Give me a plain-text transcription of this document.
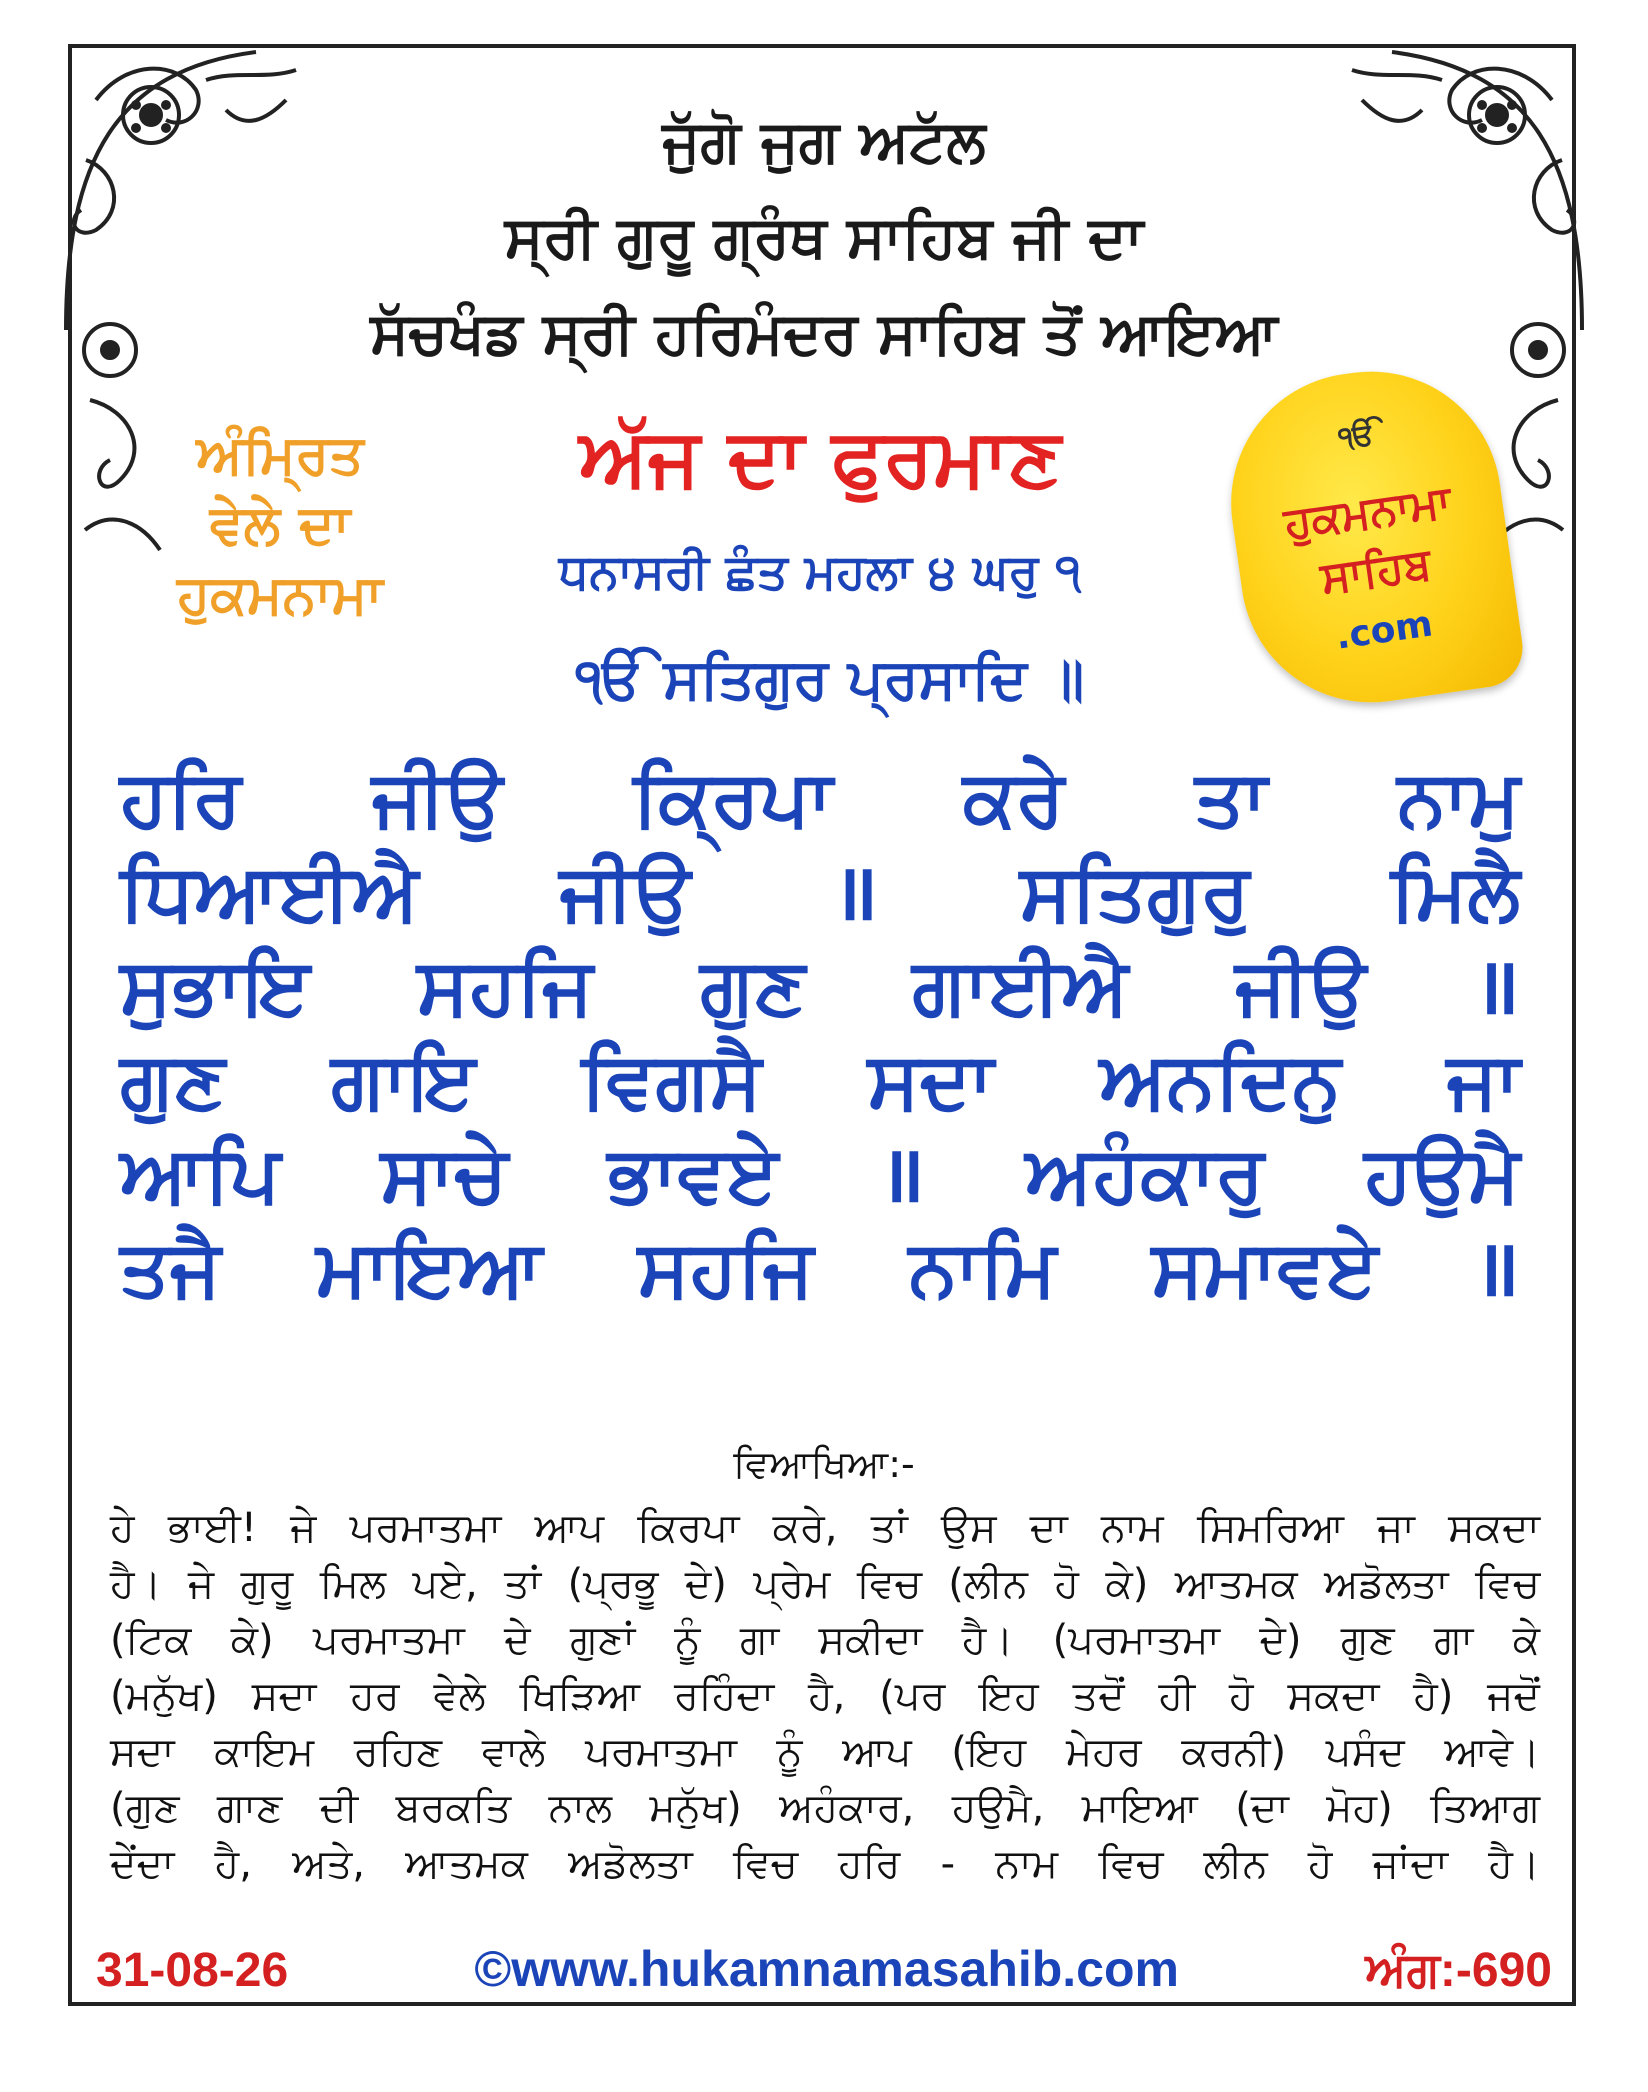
ਜੁੱਗੋ ਜੁਗ ਅਟੱਲ
ਸ੍ਰੀ ਗੁਰੂ ਗ੍ਰੰਥ ਸਾਹਿਬ ਜੀ ਦਾ
ਸੱਚਖੰਡ ਸ੍ਰੀ ਹਰਿਮੰਦਰ ਸਾਹਿਬ ਤੋਂ ਆਇਆ
ਅੰਮ੍ਰਿਤ
ਵੇਲੇ ਦਾ
ਹੁਕਮਨਾਮਾ
ਅੱਜ ਦਾ ਫੁਰਮਾਣ
ਧਨਾਸਰੀ ਛੰਤ ਮਹਲਾ ੪ ਘਰੁ ੧
ੴ ਸਤਿਗੁਰ ਪ੍ਰਸਾਦਿ ॥
ੴ
ਹੁਕਮਨਾਮਾ
ਸਾਹਿਬ
.com
ਹਰਿ ਜੀਉ ਕ੍ਰਿਪਾ ਕਰੇ ਤਾ ਨਾਮੁ
ਧਿਆਈਐ ਜੀਉ ॥ ਸਤਿਗੁਰੁ ਮਿਲੈ
ਸੁਭਾਇ ਸਹਜਿ ਗੁਣ ਗਾਈਐ ਜੀਉ ॥
ਗੁਣ ਗਾਇ ਵਿਗਸੈ ਸਦਾ ਅਨਦਿਨੁ ਜਾ
ਆਪਿ ਸਾਚੇ ਭਾਵਏ ॥ ਅਹੰਕਾਰੁ ਹਉਮੈ
ਤਜੈ ਮਾਇਆ ਸਹਜਿ ਨਾਮਿ ਸਮਾਵਏ ॥
ਵਿਆਖਿਆ:-
ਹੇ ਭਾਈ! ਜੇ ਪਰਮਾਤਮਾ ਆਪ ਕਿਰਪਾ ਕਰੇ, ਤਾਂ ਉਸ ਦਾ ਨਾਮ ਸਿਮਰਿਆ ਜਾ ਸਕਦਾ
ਹੈ। ਜੇ ਗੁਰੂ ਮਿਲ ਪਏ, ਤਾਂ (ਪ੍ਰਭੂ ਦੇ) ਪ੍ਰੇਮ ਵਿਚ (ਲੀਨ ਹੋ ਕੇ) ਆਤਮਕ ਅਡੋਲਤਾ ਵਿਚ
(ਟਿਕ ਕੇ) ਪਰਮਾਤਮਾ ਦੇ ਗੁਣਾਂ ਨੂੰ ਗਾ ਸਕੀਦਾ ਹੈ। (ਪਰਮਾਤਮਾ ਦੇ) ਗੁਣ ਗਾ ਕੇ
(ਮਨੁੱਖ) ਸਦਾ ਹਰ ਵੇਲੇ ਖਿੜਿਆ ਰਹਿੰਦਾ ਹੈ, (ਪਰ ਇਹ ਤਦੋਂ ਹੀ ਹੋ ਸਕਦਾ ਹੈ) ਜਦੋਂ
ਸਦਾ ਕਾਇਮ ਰਹਿਣ ਵਾਲੇ ਪਰਮਾਤਮਾ ਨੂੰ ਆਪ (ਇਹ ਮੇਹਰ ਕਰਨੀ) ਪਸੰਦ ਆਵੇ।
(ਗੁਣ ਗਾਣ ਦੀ ਬਰਕਤਿ ਨਾਲ ਮਨੁੱਖ) ਅਹੰਕਾਰ, ਹਉਮੈ, ਮਾਇਆ (ਦਾ ਮੋਹ) ਤਿਆਗ
ਦੇਂਦਾ ਹੈ, ਅਤੇ, ਆਤਮਕ ਅਡੋਲਤਾ ਵਿਚ ਹਰਿ - ਨਾਮ ਵਿਚ ਲੀਨ ਹੋ ਜਾਂਦਾ ਹੈ।
31-08-26	©www.hukamnamasahib.com	ਅੰਗ:-690
